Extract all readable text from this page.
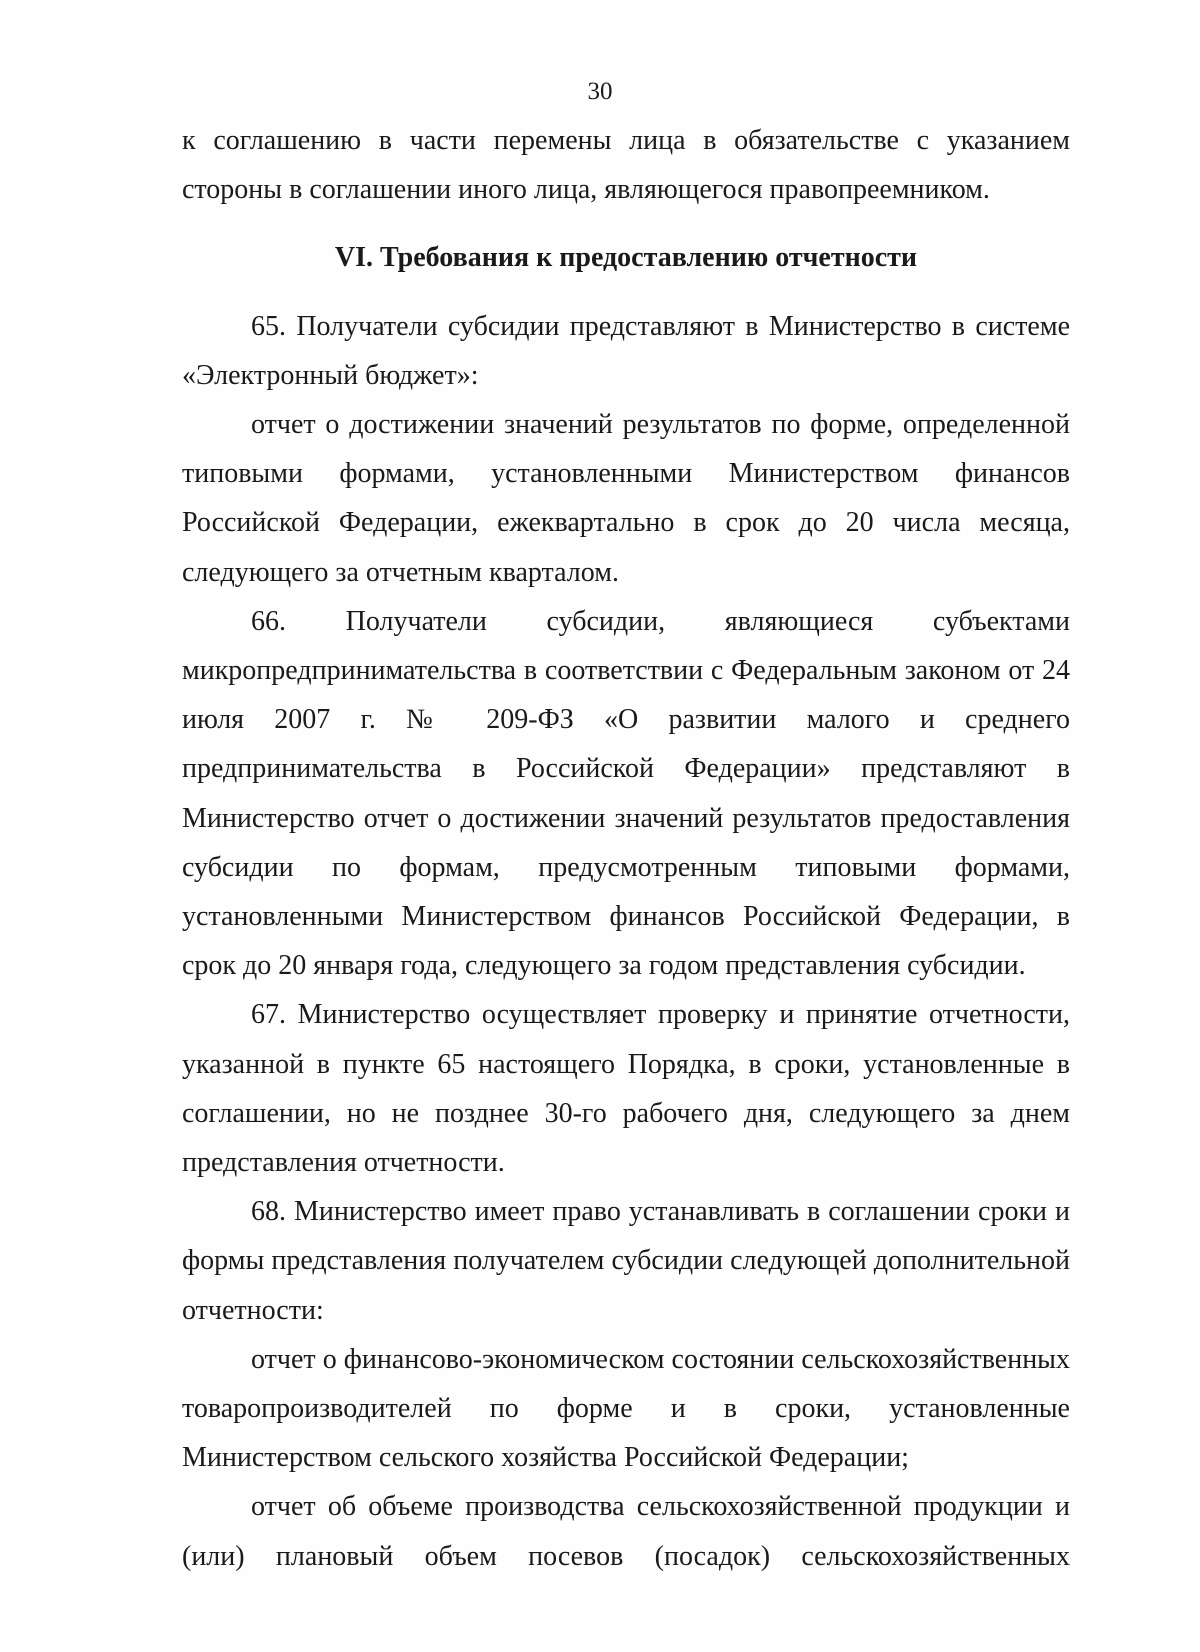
30

к соглашению в части перемены лица в обязательстве с указанием стороны в соглашении иного лица, являющегося правопреемником.

VI. Требования к предоставлению отчетности

65. Получатели субсидии представляют в Министерство в системе «Электронный бюджет»:

отчет о достижении значений результатов по форме, определенной типовыми формами, установленными Министерством финансов Российской Федерации, ежеквартально в срок до 20 числа месяца, следующего за отчетным кварталом.

66. Получатели субсидии, являющиеся субъектами микропредпринимательства в соответствии с Федеральным законом от 24 июля 2007 г. № 209-ФЗ «О развитии малого и среднего предпринимательства в Российской Федерации» представляют в Министерство отчет о достижении значений результатов предоставления субсидии по формам, предусмотренным типовыми формами, установленными Министерством финансов Российской Федерации, в срок до 20 января года, следующего за годом представления субсидии.

67. Министерство осуществляет проверку и принятие отчетности, указанной в пункте 65 настоящего Порядка, в сроки, установленные в соглашении, но не позднее 30-го рабочего дня, следующего за днем представления отчетности.

68. Министерство имеет право устанавливать в соглашении сроки и формы представления получателем субсидии следующей дополнительной отчетности:

отчет о финансово-экономическом состоянии сельскохозяйственных товаропроизводителей по форме и в сроки, установленные Министерством сельского хозяйства Российской Федерации;

отчет об объеме производства сельскохозяйственной продукции и (или) плановый объем посевов (посадок) сельскохозяйственных
